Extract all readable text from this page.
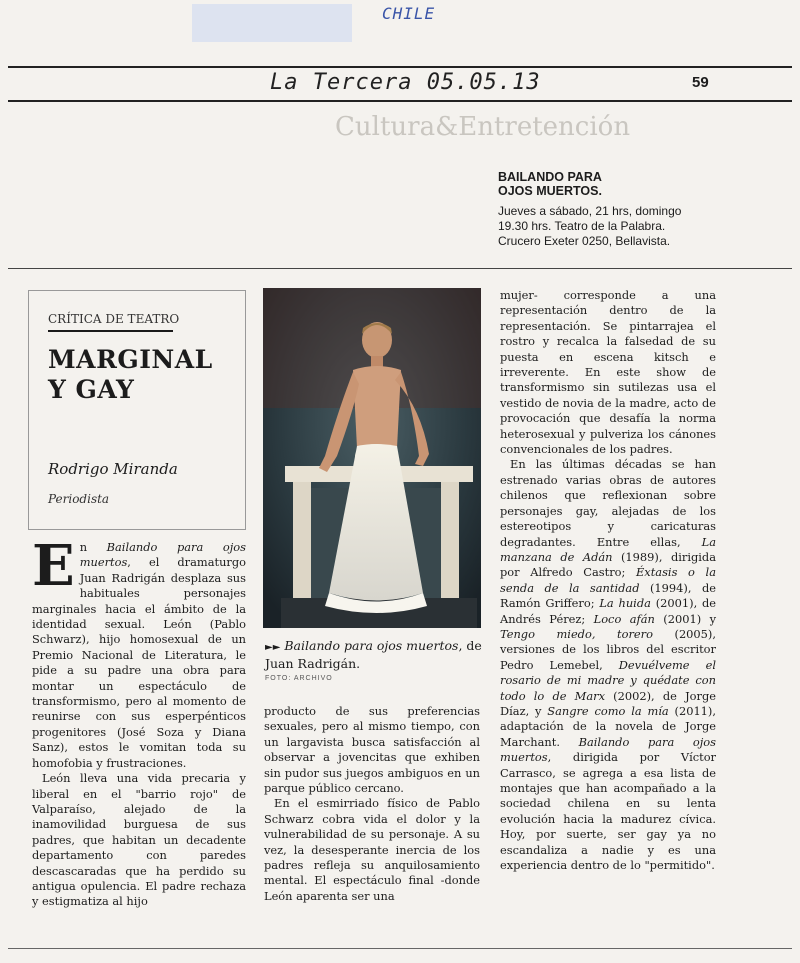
CHILE
La Tercera 05.05.13	59
Cultura&Entretención
BAILANDO PARA
OJOS MUERTOS.
Jueves a sábado, 21 hrs, domingo
19.30 hrs. Teatro de la Palabra.
Crucero Exeter 0250, Bellavista.
CRÍTICA DE TEATRO
MARGINAL
Y GAY
Rodrigo Miranda
Periodista
►► Bailando para ojos muertos, de Juan Radrigán.
FOTO: ARCHIVO

En Bailando para ojos muertos, el dramaturgo Juan Radrigán desplaza sus habituales personajes marginales hacia el ámbito de la identidad sexual. León (Pablo Schwarz), hijo homosexual de un Premio Nacional de Literatura, le pide a su padre una obra para montar un espectáculo de transformismo, pero al momento de reunirse con sus esperpénticos progenitores (José Soza y Diana Sanz), estos le vomitan toda su homofobia y frustraciones.

León lleva una vida precaria y liberal en el "barrio rojo" de Valparaíso, alejado de la inamovilidad burguesa de sus padres, que habitan un decadente departamento con paredes descascaradas que ha perdido su antigua opulencia. El padre rechaza y estigmatiza al hijo

producto de sus preferencias sexuales, pero al mismo tiempo, con un largavista busca satisfacción al observar a jovencitas que exhiben sin pudor sus juegos ambiguos en un parque público cercano.

En el esmirriado físico de Pablo Schwarz cobra vida el dolor y la vulnerabilidad de su personaje. A su vez, la desesperante inercia de los padres refleja su anquilosamiento mental. El espectáculo final -donde León aparenta ser una

mujer- corresponde a una representación dentro de la representación. Se pintarrajea el rostro y recalca la falsedad de su puesta en escena kitsch e irreverente. En este show de transformismo sin sutilezas usa el vestido de novia de la madre, acto de provocación que desafía la norma heterosexual y pulveriza los cánones convencionales de los padres.

En las últimas décadas se han estrenado varias obras de autores chilenos que reflexionan sobre personajes gay, alejadas de los estereotipos y caricaturas degradantes. Entre ellas, La manzana de Adán (1989), dirigida por Alfredo Castro; Éxtasis o la senda de la santidad (1994), de Ramón Griffero; La huida (2001), de Andrés Pérez; Loco afán (2001) y Tengo miedo, torero (2005), versiones de los libros del escritor Pedro Lemebel, Devuélveme el rosario de mi madre y quédate con todo lo de Marx (2002), de Jorge Díaz, y Sangre como la mía (2011), adaptación de la novela de Jorge Marchant. Bailando para ojos muertos, dirigida por Víctor Carrasco, se agrega a esa lista de montajes que han acompañado a la sociedad chilena en su lenta evolución hacia la madurez cívica. Hoy, por suerte, ser gay ya no escandaliza a nadie y es una experiencia dentro de lo "permitido".
